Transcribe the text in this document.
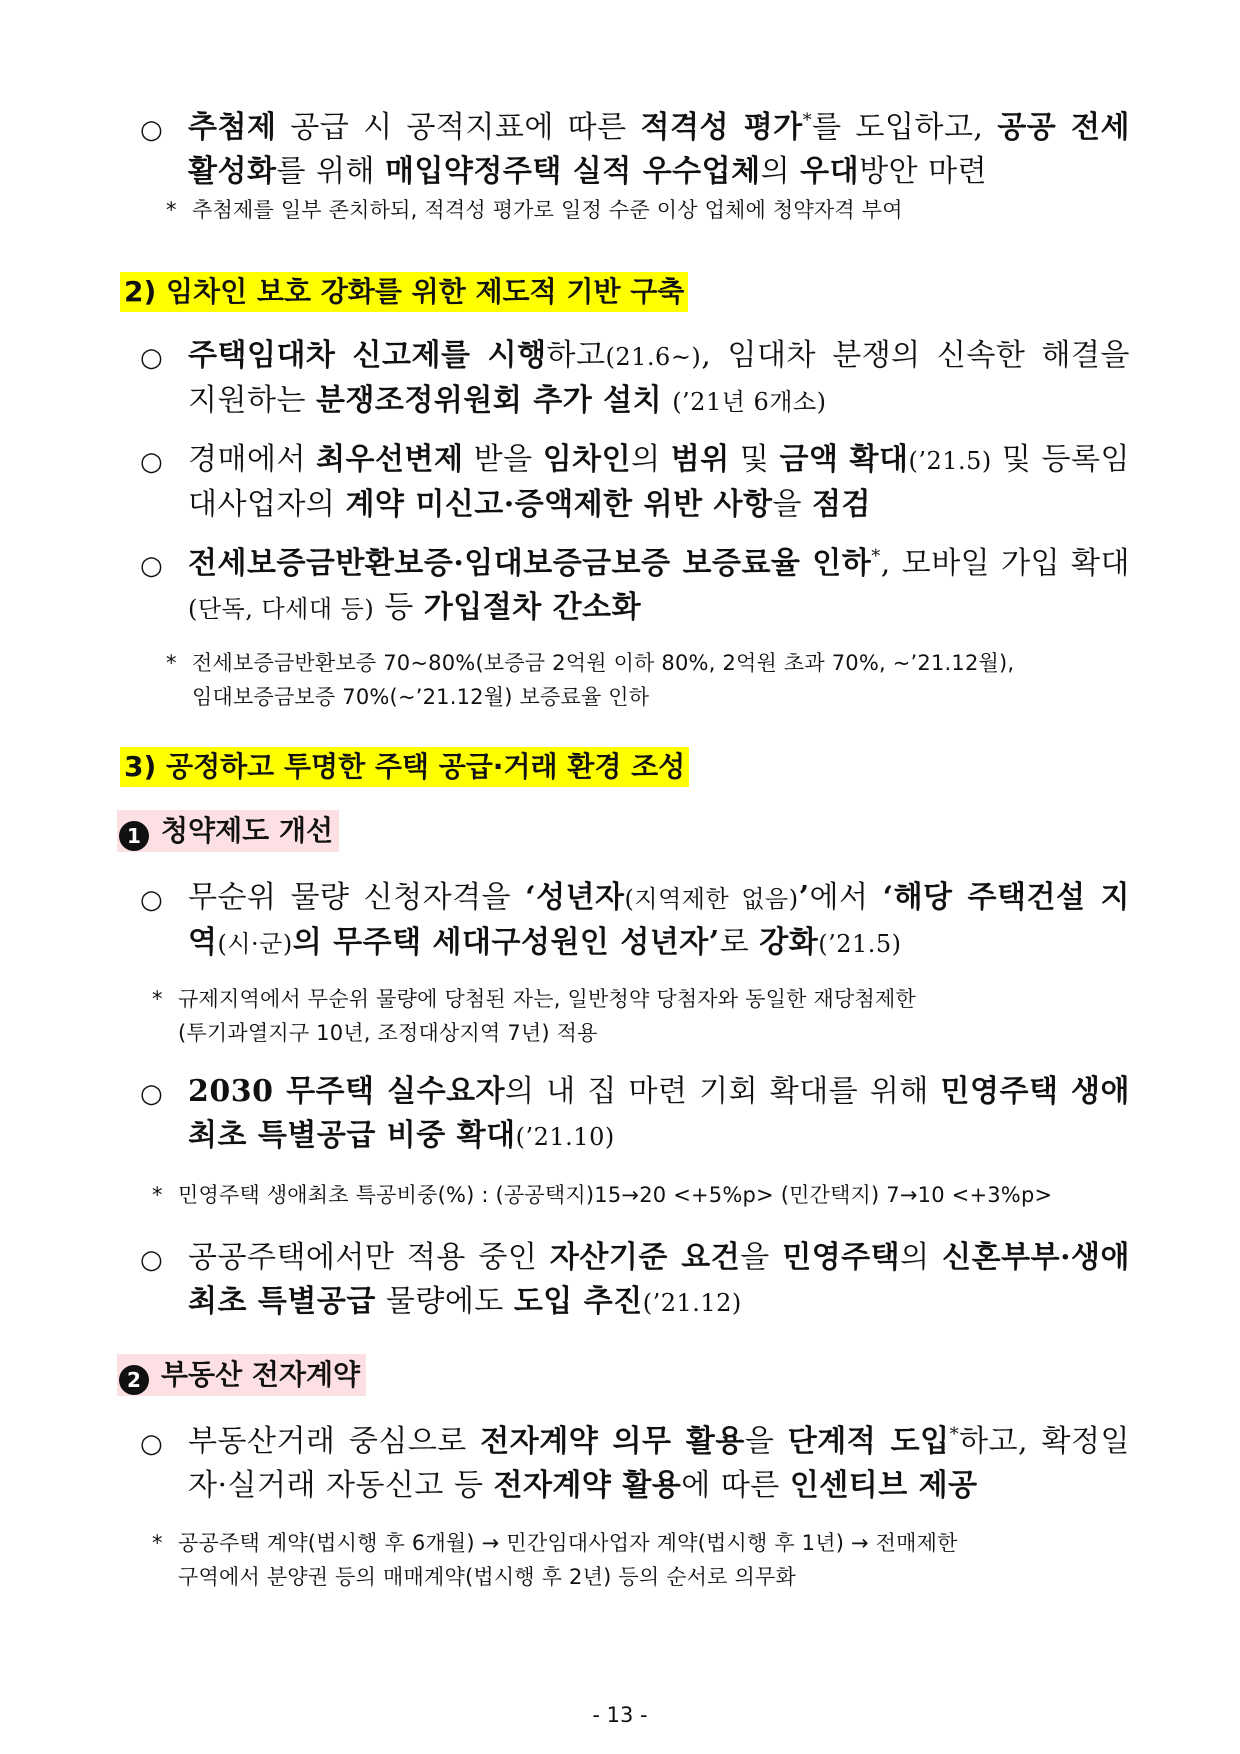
○ 추첨제 공급 시 공적지표에 따른 적격성 평가*를 도입하고, 공공 전세 활성화를 위해 매입약정주택 실적 우수업체의 우대방안 마련
* 추첨제를 일부 존치하되, 적격성 평가로 일정 수준 이상 업체에 청약자격 부여
2) 임차인 보호 강화를 위한 제도적 기반 구축
○ 주택임대차 신고제를 시행하고(21.6~), 임대차 분쟁의 신속한 해결을 지원하는 분쟁조정위원회 추가 설치 (’21년 6개소)
○ 경매에서 최우선변제 받을 임차인의 범위 및 금액 확대(’21.5) 및 등록임대사업자의 계약 미신고·증액제한 위반 사항을 점검
○ 전세보증금반환보증·임대보증금보증 보증료율 인하*, 모바일 가입 확대(단독, 다세대 등) 등 가입절차 간소화
* 전세보증금반환보증 70~80%(보증금 2억원 이하 80%, 2억원 초과 70%, ~’21.12월),
임대보증금보증 70%(~’21.12월) 보증료율 인하
3) 공정하고 투명한 주택 공급·거래 환경 조성
1 청약제도 개선
○ 무순위 물량 신청자격을 ‘성년자(지역제한 없음)’에서 ‘해당 주택건설 지역(시·군)의 무주택 세대구성원인 성년자’로 강화(’21.5)
* 규제지역에서 무순위 물량에 당첨된 자는, 일반청약 당첨자와 동일한 재당첨제한
(투기과열지구 10년, 조정대상지역 7년) 적용
○ 2030 무주택 실수요자의 내 집 마련 기회 확대를 위해 민영주택 생애최초 특별공급 비중 확대(’21.10)
* 민영주택 생애최초 특공비중(%) : (공공택지)15→20 <+5%p> (민간택지) 7→10 <+3%p>
○ 공공주택에서만 적용 중인 자산기준 요건을 민영주택의 신혼부부·생애최초 특별공급 물량에도 도입 추진(’21.12)
2 부동산 전자계약
○ 부동산거래 중심으로 전자계약 의무 활용을 단계적 도입*하고, 확정일자·실거래 자동신고 등 전자계약 활용에 따른 인센티브 제공
* 공공주택 계약(법시행 후 6개월) → 민간임대사업자 계약(법시행 후 1년) → 전매제한
구역에서 분양권 등의 매매계약(법시행 후 2년) 등의 순서로 의무화
- 13 -
